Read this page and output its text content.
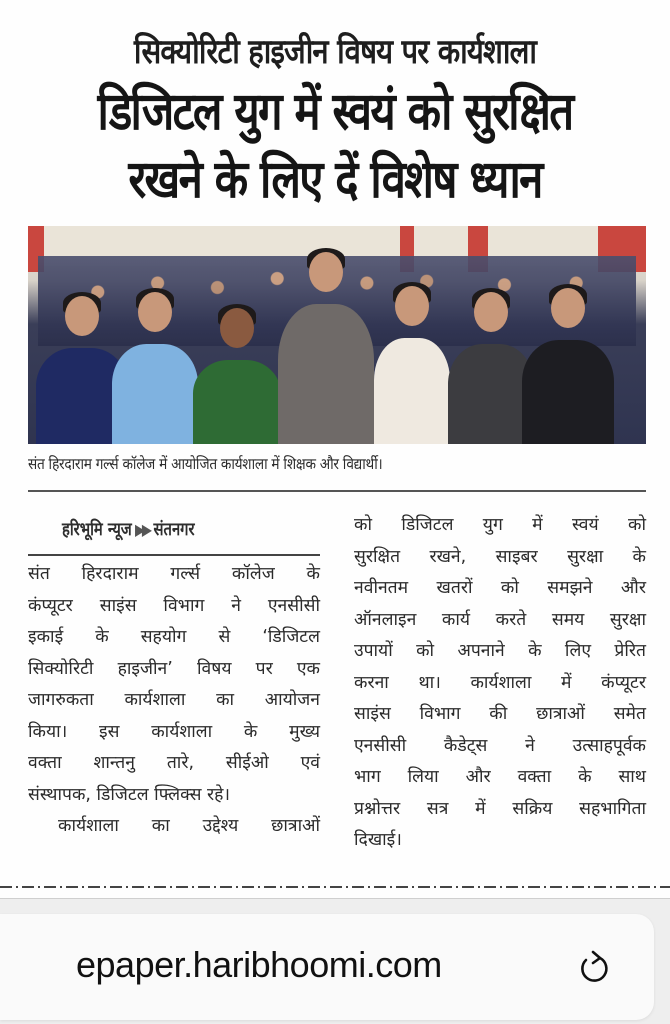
सिक्योरिटी हाइजीन विषय पर कार्यशाला
डिजिटल युग में स्वयं को सुरक्षित
रखने के लिए दें विशेष ध्यान
संत हिरदाराम गर्ल्स कॉलेज में आयोजित कार्यशाला में शिक्षक और विद्यार्थी।
हरिभूमि न्यूज ▶▶ संतनगर
संत हिरदाराम गर्ल्स कॉलेज के
कंप्यूटर साइंस विभाग ने एनसीसी
इकाई के सहयोग से ‘डिजिटल
सिक्योरिटी हाइजीन’ विषय पर एक
जागरुकता कार्यशाला का आयोजन
किया। इस कार्यशाला के मुख्य
वक्ता शान्तनु तारे, सीईओ एवं
संस्थापक, डिजिटल फ्लिक्स रहे।
कार्यशाला का उद्देश्य छात्राओं
को डिजिटल युग में स्वयं को
सुरक्षित रखने, साइबर सुरक्षा के
नवीनतम खतरों को समझने और
ऑनलाइन कार्य करते समय सुरक्षा
उपायों को अपनाने के लिए प्रेरित
करना था। कार्यशाला में कंप्यूटर
साइंस विभाग की छात्राओं समेत
एनसीसी कैडेट्स ने उत्साहपूर्वक
भाग लिया और वक्ता के साथ
प्रश्नोत्तर सत्र में सक्रिय सहभागिता
दिखाई।
epaper.haribhoomi.com
